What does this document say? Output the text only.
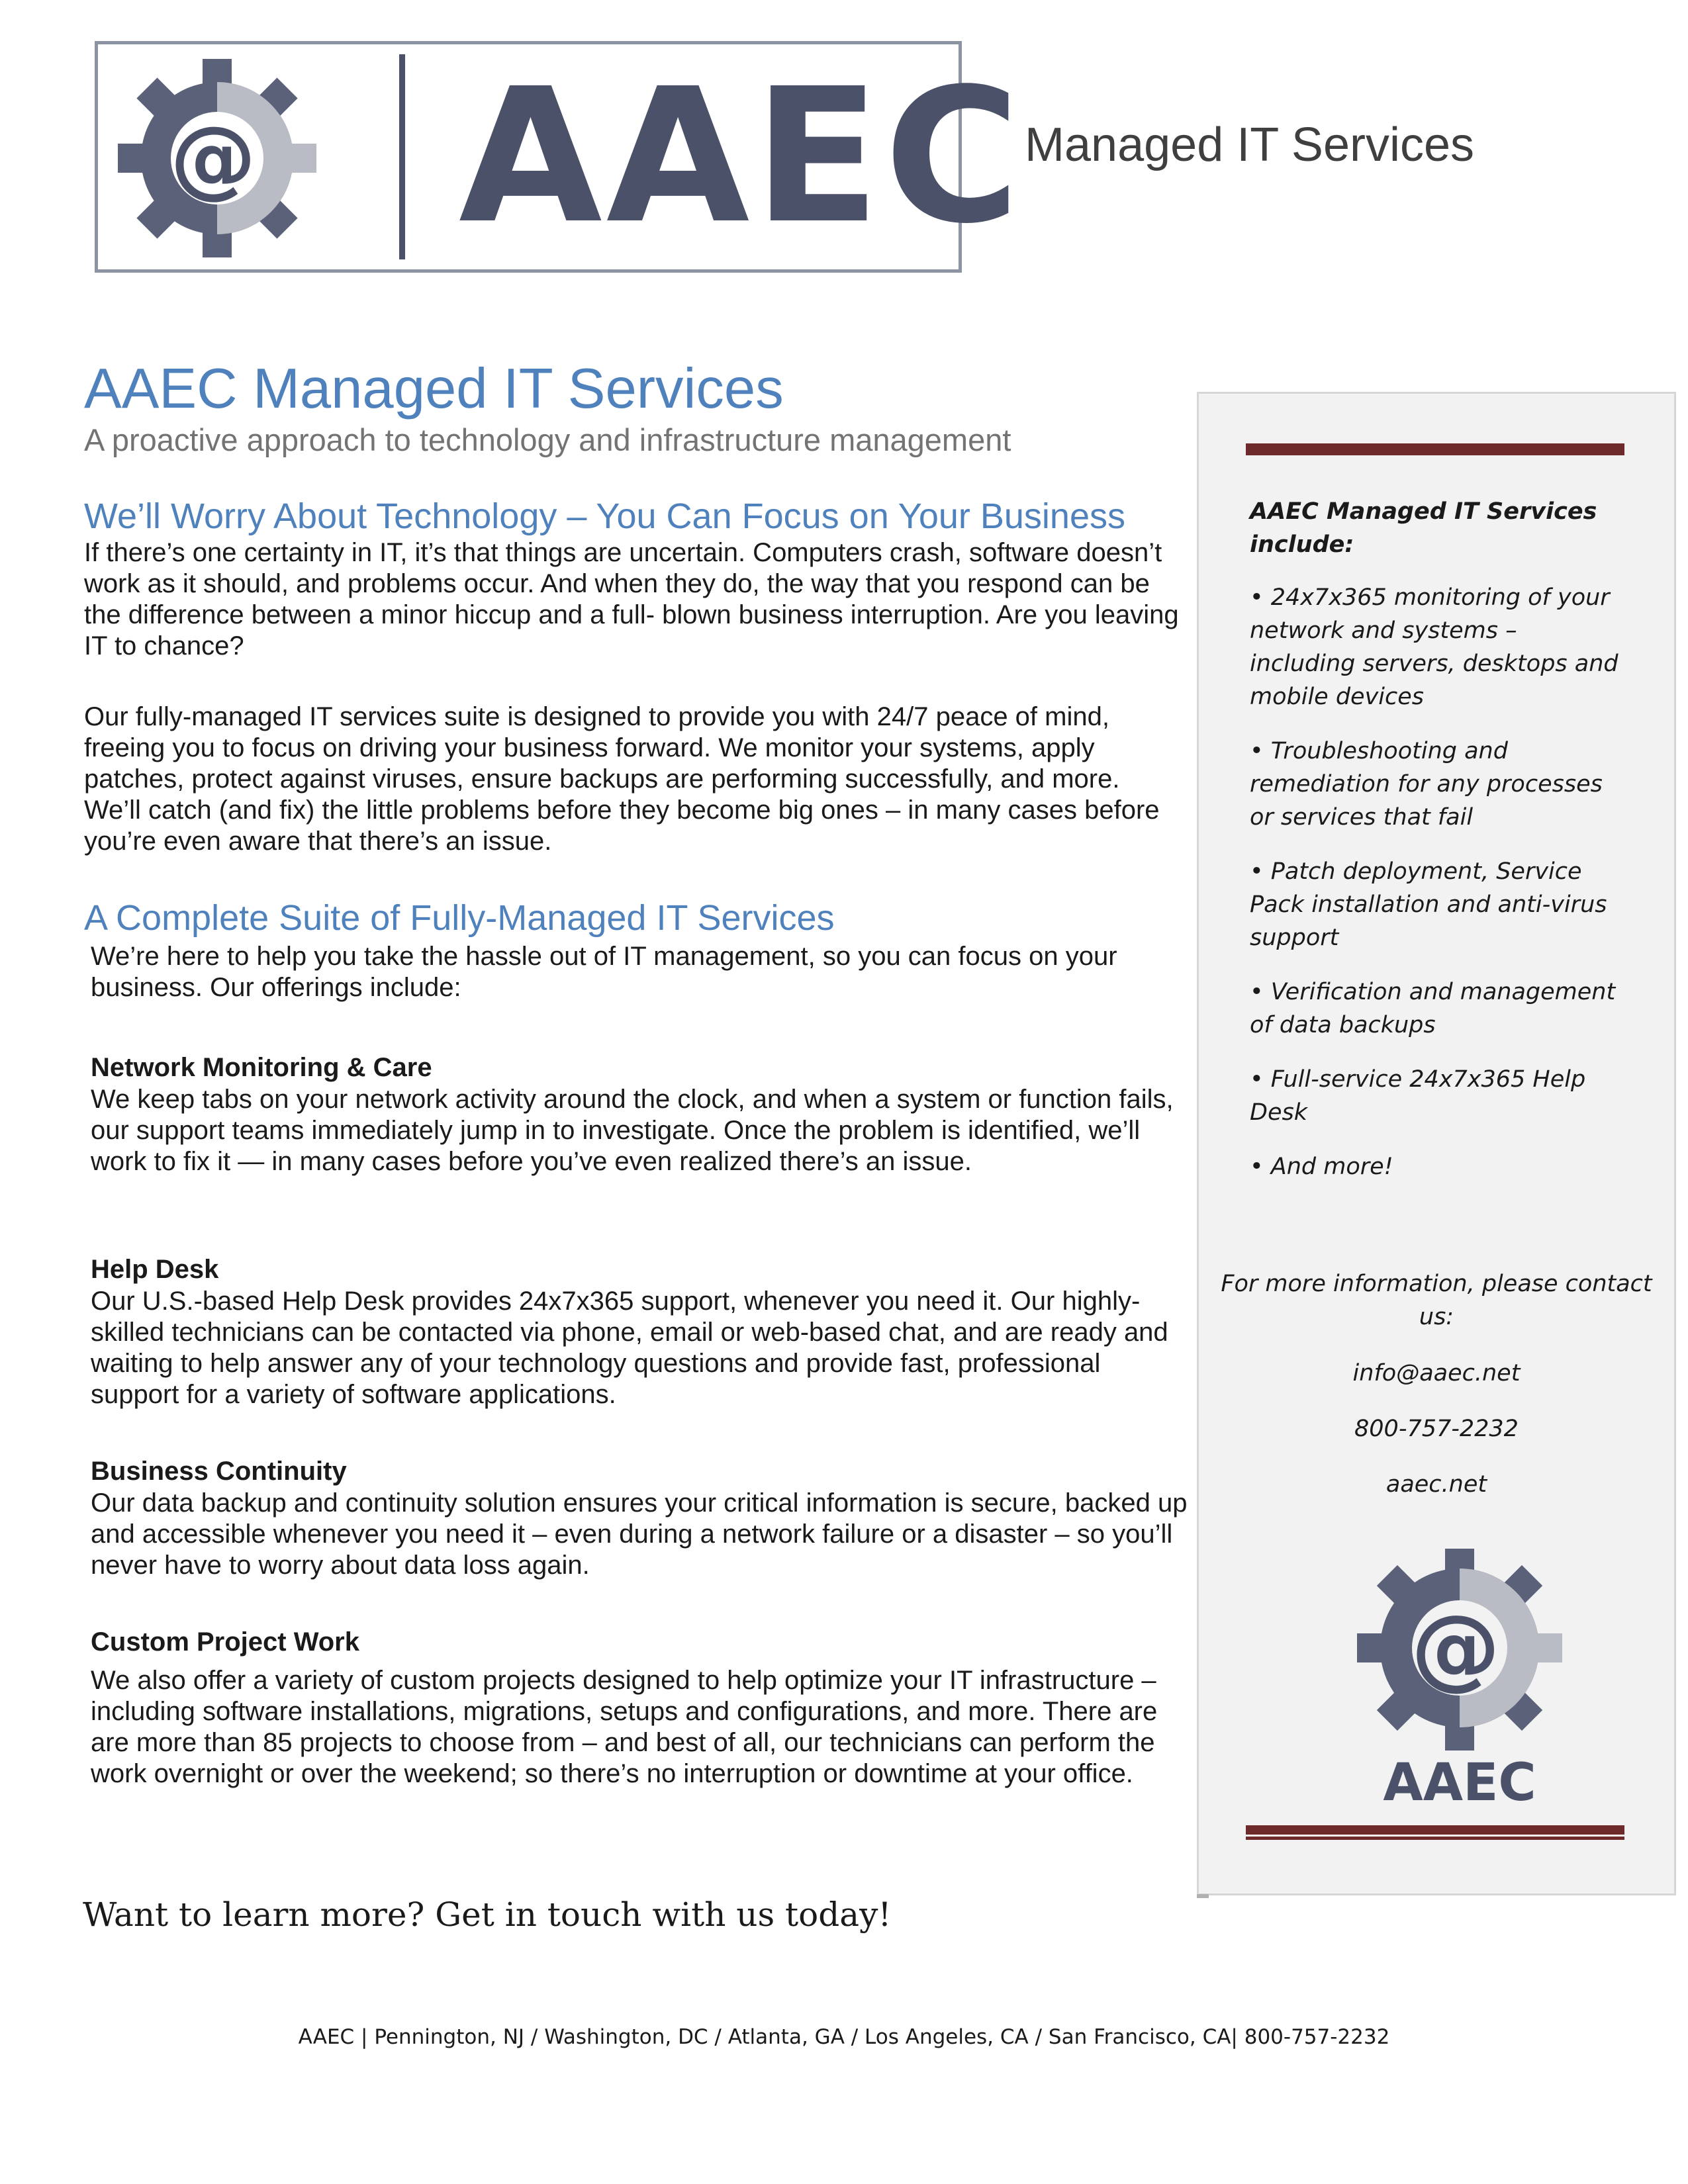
@ AAEC Managed IT Services
AAEC Managed IT Services
A proactive approach to technology and infrastructure management
We’ll Worry About Technology – You Can Focus on Your Business
If there’s one certainty in IT, it’s that things are uncertain. Computers crash, software doesn’t work as it should, and problems occur. And when they do, the way that you respond can be the difference between a minor hiccup and a full- blown business interruption. Are you leaving IT to chance?
Our fully-managed IT services suite is designed to provide you with 24/7 peace of mind, freeing you to focus on driving your business forward. We monitor your systems, apply patches, protect against viruses, ensure backups are performing successfully, and more. We’ll catch (and fix) the little problems before they become big ones – in many cases before you’re even aware that there’s an issue.
A Complete Suite of Fully-Managed IT Services
We’re here to help you take the hassle out of IT management, so you can focus on your business. Our offerings include:
Network Monitoring & Care
We keep tabs on your network activity around the clock, and when a system or function fails, our support teams immediately jump in to investigate. Once the problem is identified, we’ll work to fix it — in many cases before you’ve even realized there’s an issue.
Help Desk
Our U.S.-based Help Desk provides 24x7x365 support, whenever you need it. Our highly-skilled technicians can be contacted via phone, email or web-based chat, and are ready and waiting to help answer any of your technology questions and provide fast, professional support for a variety of software applications.
Business Continuity
Our data backup and continuity solution ensures your critical information is secure, backed up and accessible whenever you need it – even during a network failure or a disaster – so you’ll never have to worry about data loss again.
Custom Project Work
We also offer a variety of custom projects designed to help optimize your IT infrastructure – including software installations, migrations, setups and configurations, and more. There are are more than 85 projects to choose from – and best of all, our technicians can perform the work overnight or over the weekend; so there’s no interruption or downtime at your office.
Want to learn more? Get in touch with us today!
AAEC Managed IT Services include:
• 24x7x365 monitoring of your network and systems – including servers, desktops and mobile devices
• Troubleshooting and remediation for any processes or services that fail
• Patch deployment, Service Pack installation and anti-virus support
• Verification and management of data backups
• Full-service 24x7x365 Help Desk
• And more!
For more information, please contact us:
info@aaec.net
800-757-2232
aaec.net
@
AAEC
AAEC | Pennington, NJ / Washington, DC / Atlanta, GA / Los Angeles, CA / San Francisco, CA| 800-757-2232
